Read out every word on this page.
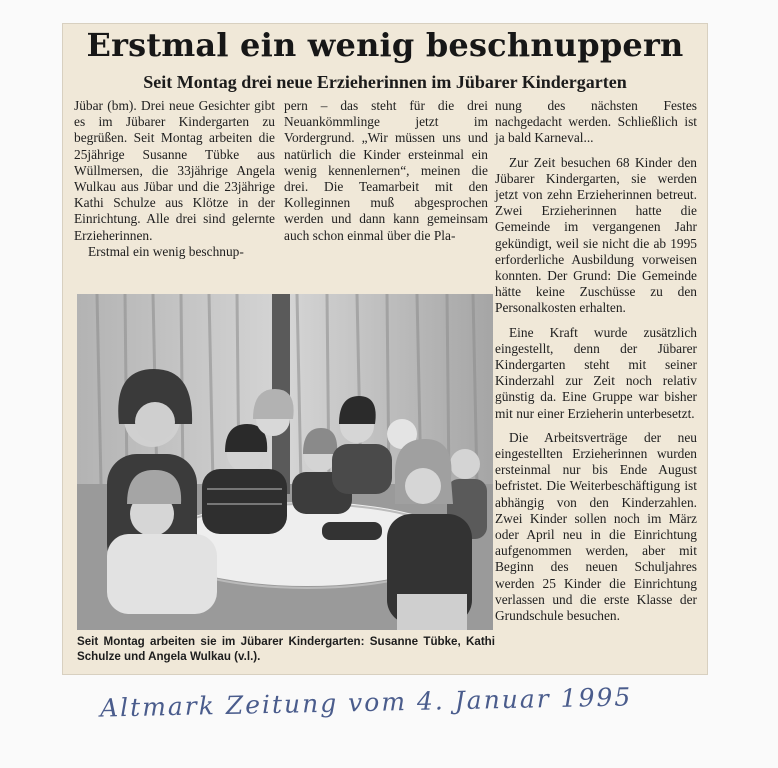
Erstmal ein wenig beschnuppern
Seit Montag drei neue Erzieherinnen im Jübarer Kindergarten

Jübar (bm). Drei neue Gesichter gibt es im Jübarer Kindergarten zu begrüßen. Seit Montag arbeiten die 25jährige Susanne Tübke aus Wüllmersen, die 33jährige Angela Wulkau aus Jübar und die 23jährige Kathi Schulze aus Klötze in der Einrichtung. Alle drei sind gelernte Erzieherinnen.

Erstmal ein wenig beschnup-

pern – das steht für die drei Neuankömmlinge jetzt im Vordergrund. „Wir müssen uns und natürlich die Kinder ersteinmal ein wenig kennenlernen“, meinen die drei. Die Teamarbeit mit den Kolleginnen muß abgesprochen werden und dann kann gemeinsam auch schon einmal über die Pla-

nung des nächsten Festes nachgedacht werden. Schließlich ist ja bald Karneval...

Zur Zeit besuchen 68 Kinder den Jübarer Kindergarten, sie werden jetzt von zehn Erzieherinnen betreut. Zwei Erzieherinnen hatte die Gemeinde im vergangenen Jahr gekündigt, weil sie nicht die ab 1995 erforderliche Ausbildung vorweisen konnten. Der Grund: Die Gemeinde hätte keine Zuschüsse zu den Personalkosten erhalten.

Eine Kraft wurde zusätzlich eingestellt, denn der Jübarer Kindergarten steht mit seiner Kinderzahl zur Zeit noch relativ günstig da. Eine Gruppe war bisher mit nur einer Erzieherin unterbesetzt.

Die Arbeitsverträge der neu eingestellten Erzieherinnen wurden ersteinmal nur bis Ende August befristet. Die Weiterbeschäftigung ist abhängig von den Kinderzahlen. Zwei Kinder sollen noch im März oder April neu in die Einrichtung aufgenommen werden, aber mit Beginn des neuen Schuljahres werden 25 Kinder die Einrichtung verlassen und die erste Klasse der Grundschule besuchen.

Seit Montag arbeiten sie im Jübarer Kindergarten: Susanne Tübke, Kathi Schulze und Angela Wulkau (v.l.).
Altmark Zeitung vom 4. Januar 1995
